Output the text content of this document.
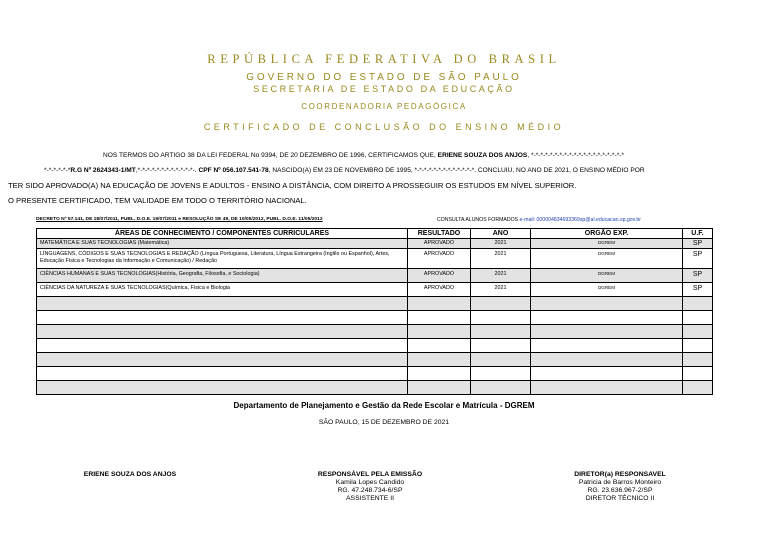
REPÚBLICA FEDERATIVA DO BRASIL
GOVERNO DO ESTADO DE SÃO PAULO
SECRETARIA DE ESTADO DA EDUCAÇÃO
COORDENADORIA PEDAGÓGICA
CERTIFICADO DE CONCLUSÃO DO ENSINO MÉDIO
NOS TERMOS DO ARTIGO 38 DA LEI FEDERAL No 9394, DE 20 DEZEMBRO DE 1996, CERTIFICAMOS QUE, ERIENE SOUZA DOS ANJOS, *-*-*-*-*-*-*-*-*-*-*-*-*-*-*-*-*-*-*-*
*-*-*-*-*-*R.G Nº 2624343-1/MT,*-*-*-*-*-*-*-*-*-*-*-*-. CPF Nº 056.107.541-78, NASCIDO(A) EM 23 DE NOVEMBRO DE 1995, *-*-*-*-*-*-*-*-*-*-*-*-*. CONCLUIU, NO ANO DE 2021, O ENSINO MÉDIO POR
TER SIDO APROVADO(A) NA EDUCAÇÃO DE JOVENS E ADULTOS - ENSINO A DISTÂNCIA, COM DIREITO A PROSSEGUIR OS ESTUDOS EM NÍVEL SUPERIOR.
O PRESENTE CERTIFICADO, TEM VALIDADE EM TODO O TERRITÓRIO NACIONAL.
DECRETO Nº 57.141, DE 18/07/2011, PUBL. D.O.E. 19/07/2011 e RESOLUÇÃO SE 49, DE 10/05/2012, PUBL. D.O.E. 11/05/2012	CONSULTA ALUNOS FORMADOS e-mail: 000004834693369sp@al.educacao.sp.gov.br
ÁREAS DE CONHECIMENTO / COMPONENTES CURRICULARES	RESULTADO	ANO	ORGÃO EXP.	U.F.
MATEMÁTICA E SUAS TECNOLOGIAS (Matemática)	APROVADO	2021	DGREM	SP
LÍNGUAGENS, CÓDIGOS E SUAS TECNOLOGIAS E REDAÇÃO (Língua Portuguesa, Literatura, Língua Estrangeira (Inglês ou Espanhol), Artes, Educação Física e Tecnologias da Informação e Comunicação) / Redação	APROVADO	2021	DGREM	SP
CIÊNCIAS HUMANAS E SUAS TECNOLOGIAS(História, Geografia, Filosofia, e Sociologia)	APROVADO	2021	DGREM	SP
CIÊNCIAS DA NATUREZA E SUAS TECNOLOGIAS(Química, Física e Biologia	APROVADO	2021	DGREM	SP

Departamento de Planejamento e Gestão da Rede Escolar e Matrícula - DGREM
SÃO PAULO, 15 DE DEZEMBRO DE 2021
ERIENE SOUZA DOS ANJOS	RESPONSÁVEL PELA EMISSÃO
Kamila Lopes Candido
RG. 47.248.734-6/SP
ASSISTENTE II
DIRETOR(a) RESPONSAVEL
Patricia de Barros Monteiro
RG. 23.636.967-2/SP
DIRETOR TÉCNICO II
